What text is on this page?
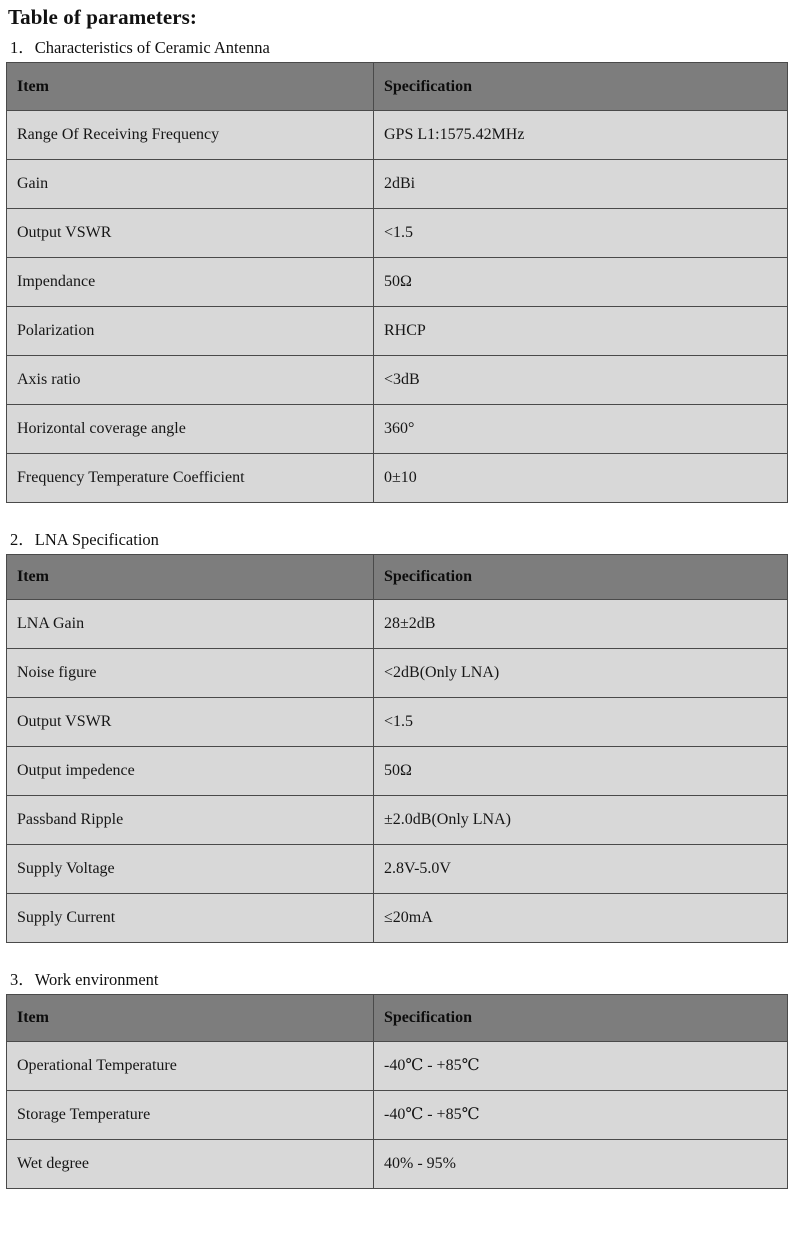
Table of parameters:
1．Characteristics of Ceramic Antenna
Item	Specification
Range Of Receiving Frequency	GPS L1:1575.42MHz
Gain	2dBi
Output VSWR	<1.5
Impendance	50Ω
Polarization	RHCP
Axis ratio	<3dB
Horizontal coverage angle	360°
Frequency Temperature Coefficient	0±10
2．LNA Specification
Item	Specification
LNA Gain	28±2dB
Noise figure	<2dB(Only LNA)
Output VSWR	<1.5
Output impedence	50Ω
Passband Ripple	±2.0dB(Only LNA)
Supply Voltage	2.8V-5.0V
Supply Current	≤20mA
3．Work environment
Item	Specification
Operational Temperature	-40℃ - +85℃
Storage Temperature	-40℃ - +85℃
Wet degree	40% - 95%
